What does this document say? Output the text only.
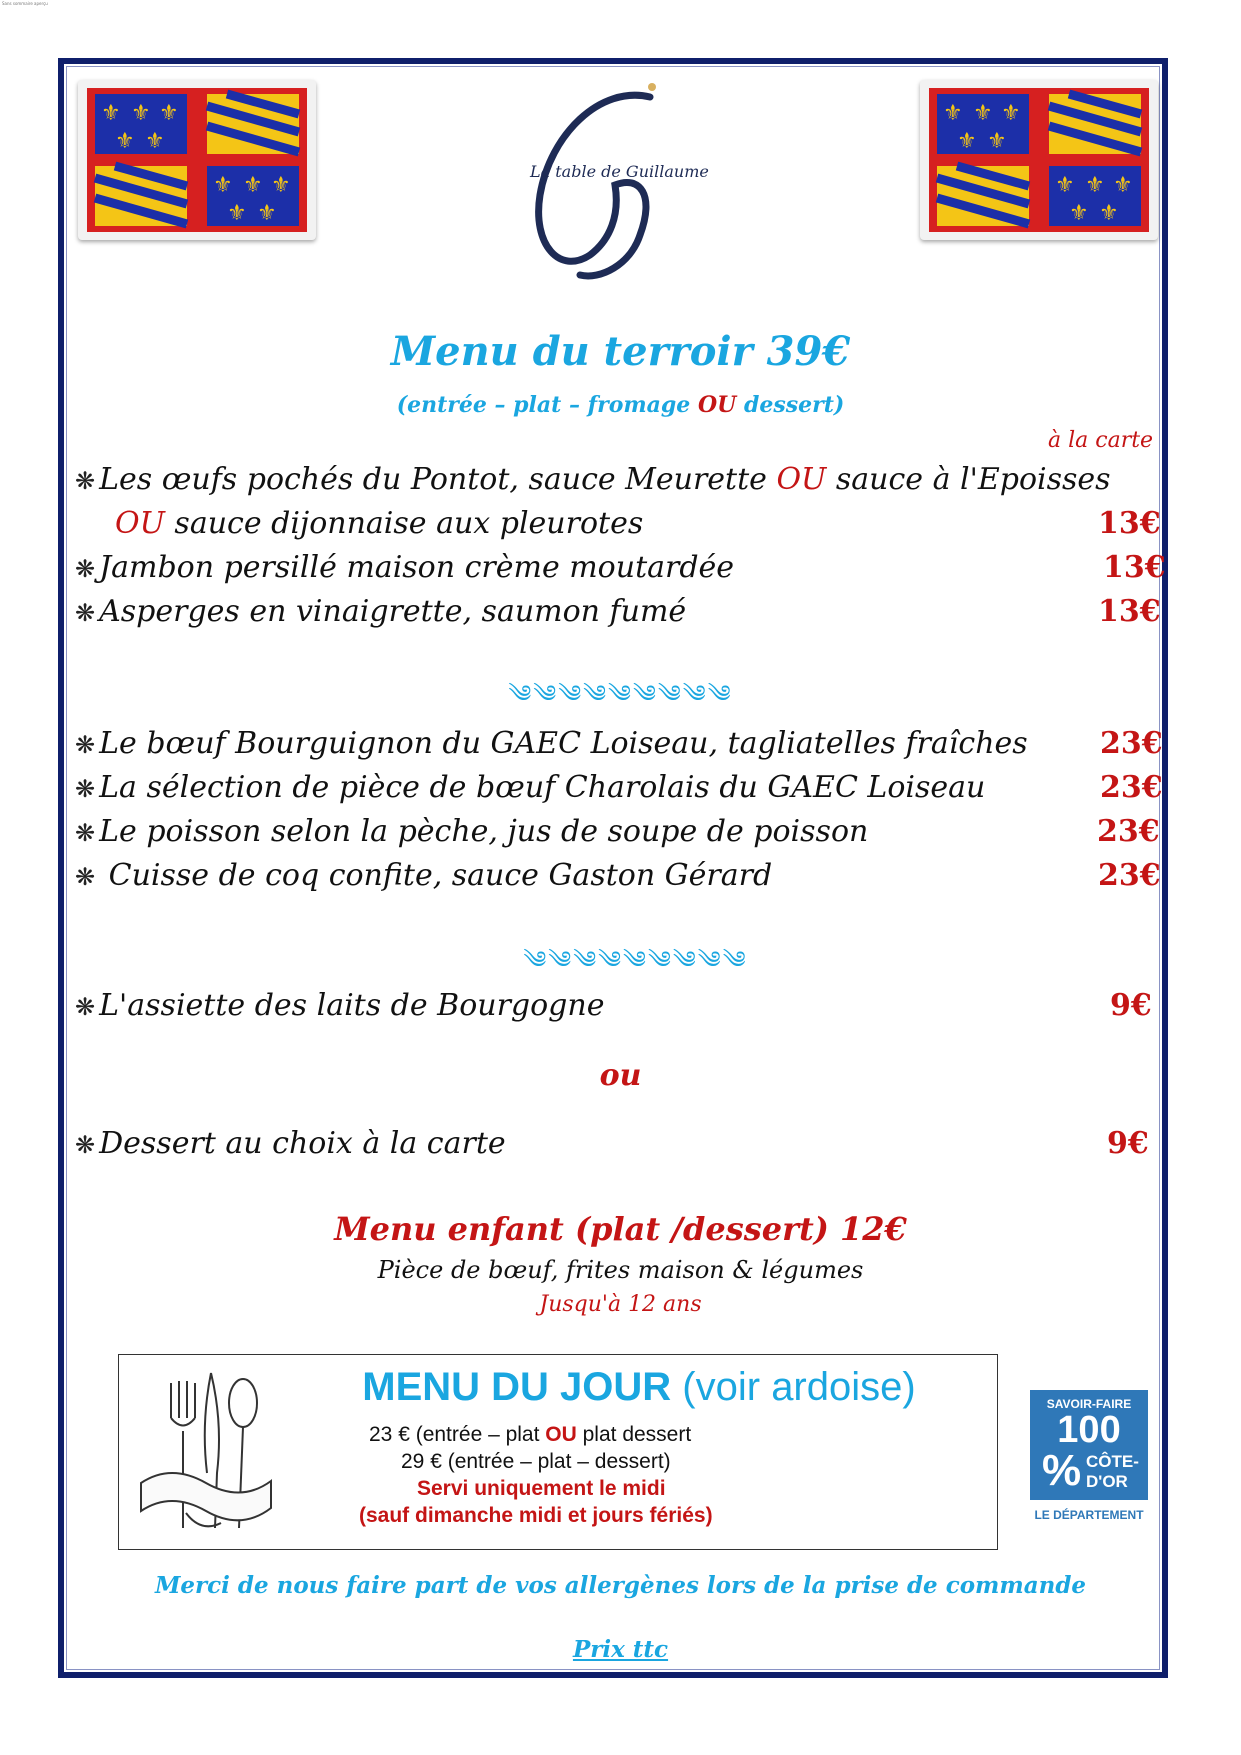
Sans sommaire aperçu
⚜ ⚜ ⚜
⚜ ⚜
⚜ ⚜ ⚜
⚜ ⚜
⚜ ⚜ ⚜
⚜ ⚜
⚜ ⚜ ⚜
⚜ ⚜
La table de Guillaume
Menu du terroir 39€
(entrée – plat – fromage OU dessert)
à la carte
❋ Les œufs pochés du Pontot, sauce Meurette OU sauce à l'Epoisses
OU sauce dijonnaise aux pleurotes	13€
❋ Jambon persillé maison crème moutardée	13€
❋ Asperges en vinaigrette, saumon fumé	13€
༄༄༄༄༄༄༄༄༄
❋ Le bœuf Bourguignon du GAEC Loiseau, tagliatelles fraîches 23€
❋ La sélection de pièce de bœuf Charolais du GAEC Loiseau	23€
❋ Le poisson selon la pèche, jus de soupe de poisson	23€
❋ Cuisse de coq confite, sauce Gaston Gérard	23€
༄༄༄༄༄༄༄༄༄
❋ L'assiette des laits de Bourgogne	9€
ou
❋ Dessert au choix à la carte	9€
Menu enfant (plat /dessert) 12€
Pièce de bœuf, frites maison & légumes
Jusqu'à 12 ans
MENU DU JOUR (voir ardoise)
23 € (entrée – plat OU plat dessert
29 € (entrée – plat – dessert)
Servi uniquement le midi
(sauf dimanche midi et jours fériés)
SAVOIR-FAIRE
100
% CÔTE-
D'OR
LE DÉPARTEMENT
Merci de nous faire part de vos allergènes lors de la prise de commande
Prix ttc
